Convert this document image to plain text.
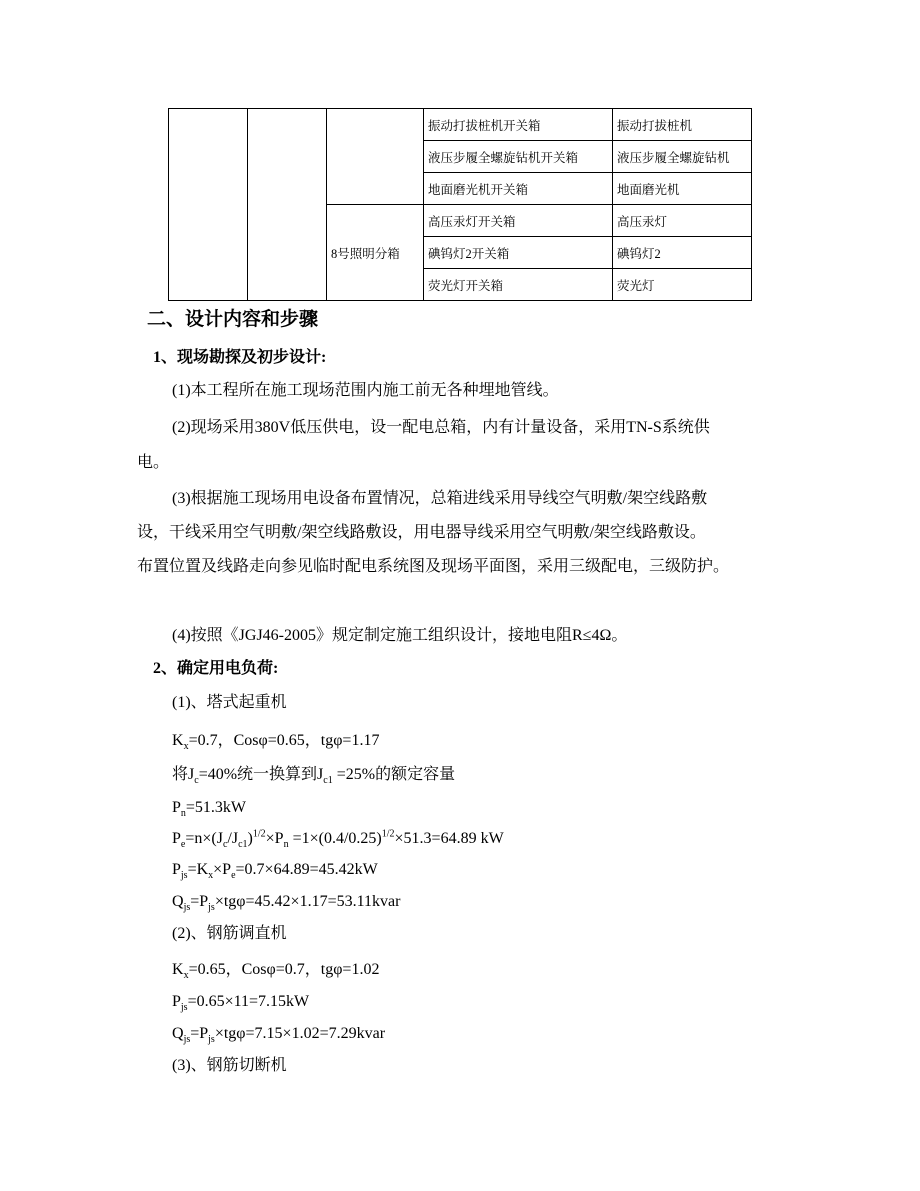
			振动打拔桩机开关箱	振动打拔桩机
			液压步履全螺旋钻机开关箱	液压步履全螺旋钻机
			地面磨光机开关箱	地面磨光机
		8号照明分箱	高压汞灯开关箱	高压汞灯
			碘钨灯2开关箱	碘钨灯2
			荧光灯开关箱	荧光灯
二、设计内容和步骤
1、现场勘探及初步设计:
(1)本工程所在施工现场范围内施工前无各种埋地管线。
(2)现场采用380V低压供电，设一配电总箱，内有计量设备，采用TN-S系统供
电。
(3)根据施工现场用电设备布置情况，总箱进线采用导线空气明敷/架空线路敷
设，干线采用空气明敷/架空线路敷设，用电器导线采用空气明敷/架空线路敷设。
布置位置及线路走向参见临时配电系统图及现场平面图，采用三级配电，三级防护。
(4)按照《JGJ46-2005》规定制定施工组织设计，接地电阻R≤4Ω。
2、确定用电负荷:
(1)、塔式起重机
$K_x=0.7$，Cosφ=0.65，tgφ=1.17
将$J_c=40\%$统一换算到$J_{c1} =25\%$的额定容量
$P_n=51.3kW$
$P_e=n\times(J_c/J_{c1})^{1/2}\times P_n =1\times(0.4/0.25)^{1/2}\times 51.3=64.89$ kW
$P_{js}=K_x\times P_e=0.7\times 64.89=45.42kW$
$Q_{js}=P_{js}\times tg\varphi=45.42\times 1.17=53.11kvar$
(2)、钢筋调直机
$K_x=0.65$，Cosφ=0.7，tgφ=1.02
$P_{js}=0.65\times 11=7.15kW$
$Q_{js}=P_{js}\times tg\varphi=7.15\times 1.02=7.29kvar$
(3)、钢筋切断机
